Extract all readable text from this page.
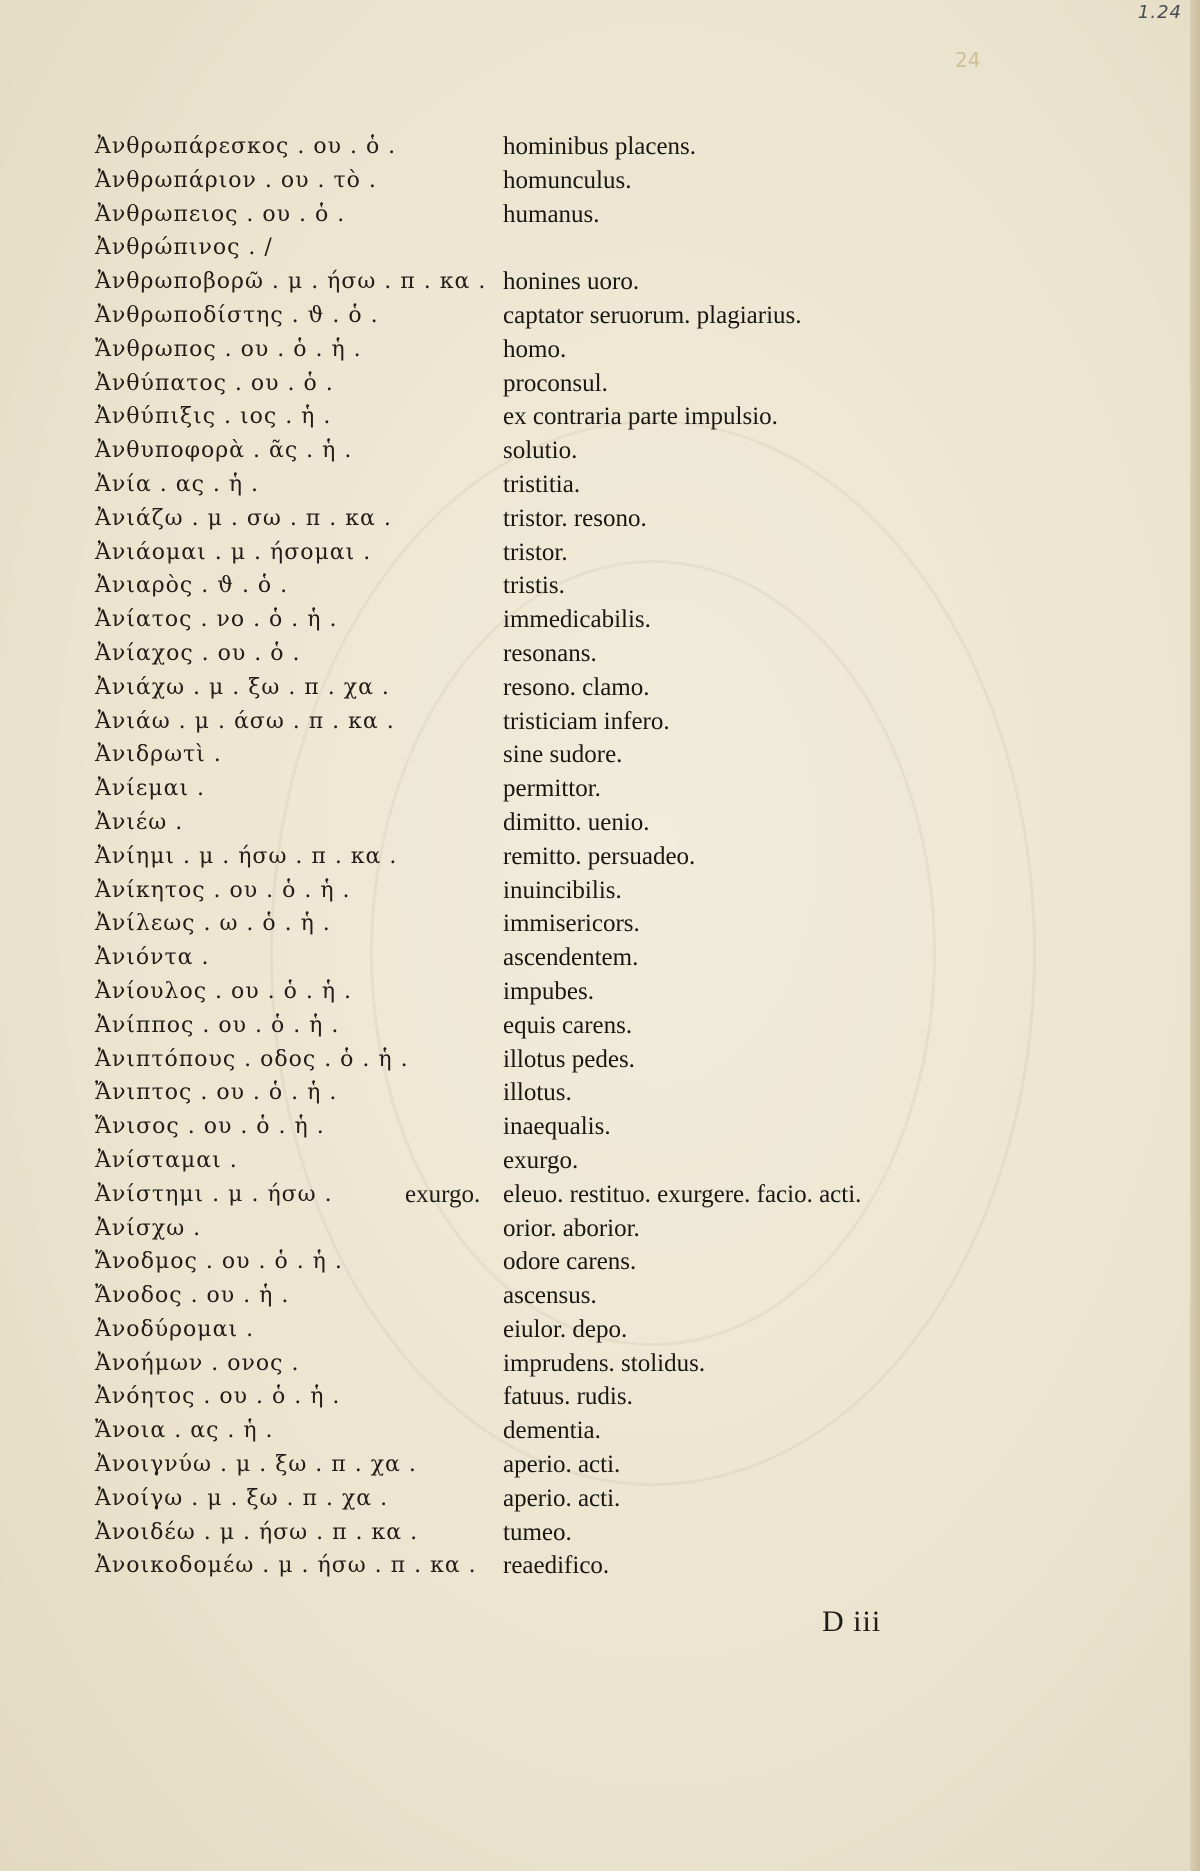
1.24
24
Ἀνθρωπάρεσκος . ου . ὁ .	hominibus placens.
Ἀνθρωπάριον . ου . τὸ .	homunculus.
Ἀνθρωπειος . ου . ὁ .	humanus.
Ἀνθρώπινος . /
Ἀνθρωποβορῶ . μ . ήσω . π . κα . honines uoro.
Ἀνθρωποδίστης . ϑ . ὁ .	captator seruorum. plagiarius.
Ἄνθρωπος . ου . ὁ . ἡ .	homo.
Ἀνθύπατος . ου . ὁ .	proconsul.
Ἀνθύπιξις . ιος . ἡ .	ex contraria parte impulsio.
Ἀνθυποφορὰ . ᾶς . ἡ .	solutio.
Ἀνία . ας . ἡ .	tristitia.
Ἀνιάζω . μ . σω . π . κα .	tristor. resono.
Ἀνιάομαι . μ . ήσομαι .	tristor.
Ἀνιαρὸς . ϑ . ὁ .	tristis.
Ἀνίατος . νο . ὁ . ἡ .	immedicabilis.
Ἀνίαχος . ου . ὁ .	resonans.
Ἀνιάχω . μ . ξω . π . χα .	resono. clamo.
Ἀνιάω . μ . άσω . π . κα .	tristiciam infero.
Ἀνιδρωτὶ .	sine sudore.
Ἀνίεμαι .	permittor.
Ἀνιέω .	dimitto. uenio.
Ἀνίημι . μ . ήσω . π . κα .	remitto. persuadeo.
Ἀνίκητος . ου . ὁ . ἡ .	inuincibilis.
Ἀνίλεως . ω . ὁ . ἡ .	immisericors.
Ἀνιόντα .	ascendentem.
Ἀνίουλος . ου . ὁ . ἡ .	impubes.
Ἀνίππος . ου . ὁ . ἡ .	equis carens.
Ἀνιπτόπους . οδος . ὁ . ἡ .	illotus pedes.
Ἄνιπτος . ου . ὁ . ἡ .	illotus.
Ἄνισος . ου . ὁ . ἡ .	inaequalis.
Ἀνίσταμαι .	exurgo.
Ἀνίστημι . μ . ήσω .	exurgo. eleuo. restituo. exurgere. facio. acti.
Ἀνίσχω .	orior. aborior.
Ἄνοδμος . ου . ὁ . ἡ .	odore carens.
Ἄνοδος . ου . ἡ .	ascensus.
Ἀνοδύρομαι .	eiulor. depo.
Ἀνοήμων . ονος .	imprudens. stolidus.
Ἀνόητος . ου . ὁ . ἡ .	fatuus. rudis.
Ἄνοια . ας . ἡ .	dementia.
Ἀνοιγνύω . μ . ξω . π . χα .	aperio. acti.
Ἀνοίγω . μ . ξω . π . χα .	aperio. acti.
Ἀνοιδέω . μ . ήσω . π . κα .	tumeo.
Ἀνοικοδομέω . μ . ήσω . π . κα . reaedifico.
D iii
